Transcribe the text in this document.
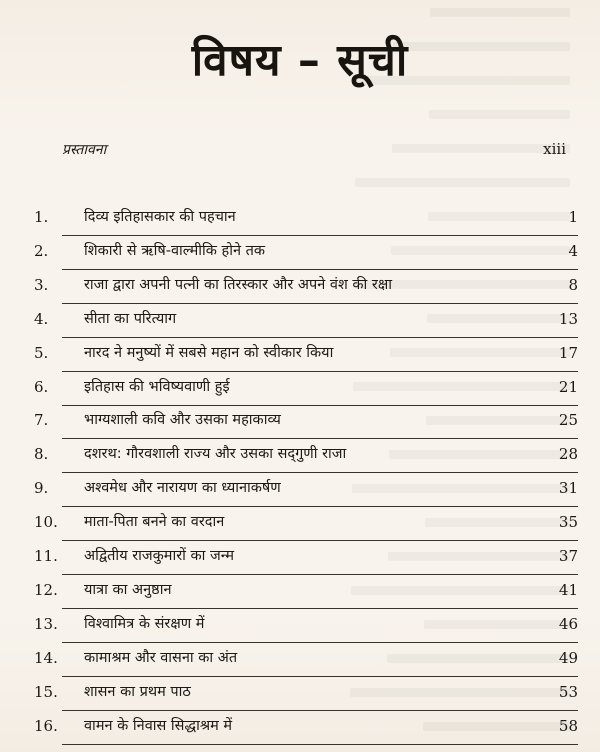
विषय – सूची
प्रस्तावना	xiii
1. दिव्य इतिहासकार की पहचान	1
2. शिकारी से ऋषि-वाल्मीकि होने तक	4
3. राजा द्वारा अपनी पत्नी का तिरस्कार और अपने वंश की रक्षा	8
4. सीता का परित्याग	13
5. नारद ने मनुष्यों में सबसे महान को स्वीकार किया	17
6. इतिहास की भविष्यवाणी हुई	21
7. भाग्यशाली कवि और उसका महाकाव्य	25
8. दशरथ: गौरवशाली राज्य और उसका सद्‌गुणी राजा	28
9. अश्वमेध और नारायण का ध्यानाकर्षण	31
10. माता-पिता बनने का वरदान	35
11. अद्वितीय राजकुमारों का जन्म	37
12. यात्रा का अनुष्ठान	41
13. विश्वामित्र के संरक्षण में	46
14. कामाश्रम और वासना का अंत	49
15. शासन का प्रथम पाठ	53
16. वामन के निवास सिद्धाश्रम में	58
